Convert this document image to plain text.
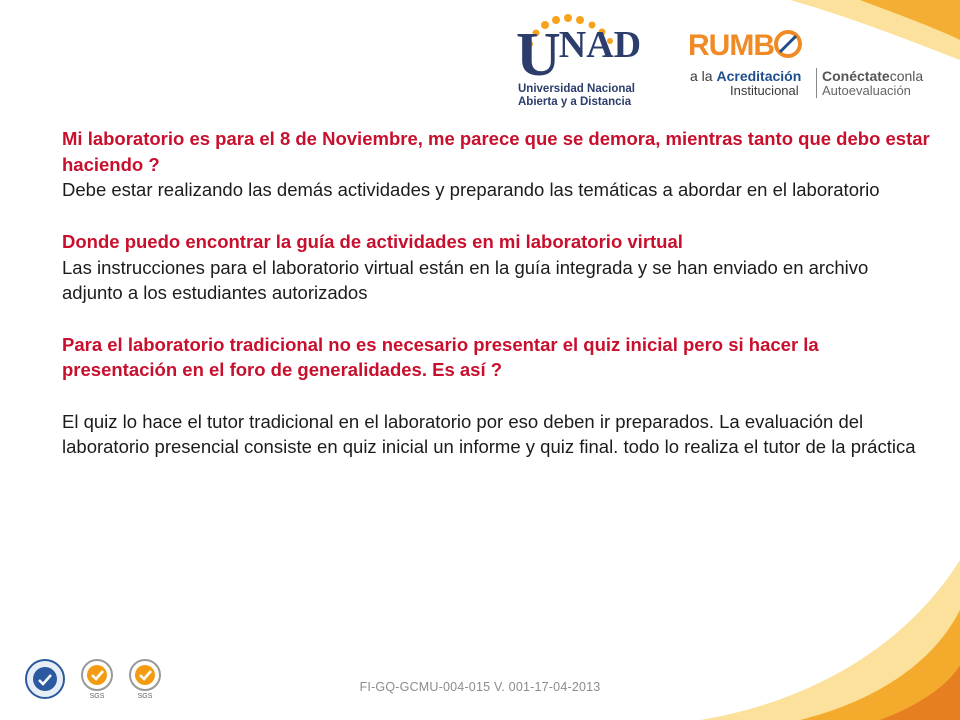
UNAD
Universidad Nacional
Abierta y a Distancia
RUMB
a la Acreditación
Institucional
Conéctateconla
Autoevaluación

Mi laboratorio es para el 8 de Noviembre, me parece que se demora, mientras tanto que debo estar haciendo ?

Debe estar realizando las demás actividades y preparando las temáticas a abordar en el laboratorio

Donde puedo encontrar la guía de actividades en mi laboratorio virtual

Las instrucciones para el laboratorio virtual están en la guía integrada y se han enviado en archivo adjunto a los estudiantes autorizados

Para el laboratorio tradicional no es necesario presentar el quiz inicial pero si hacer la presentación en el foro de generalidades. Es así ?

El quiz lo hace el tutor tradicional en el laboratorio por eso deben ir preparados. La evaluación del laboratorio presencial consiste en quiz inicial un informe y quiz final. todo lo realiza el tutor de la práctica

SGS	SGS
FI-GQ-GCMU-004-015 V. 001-17-04-2013
